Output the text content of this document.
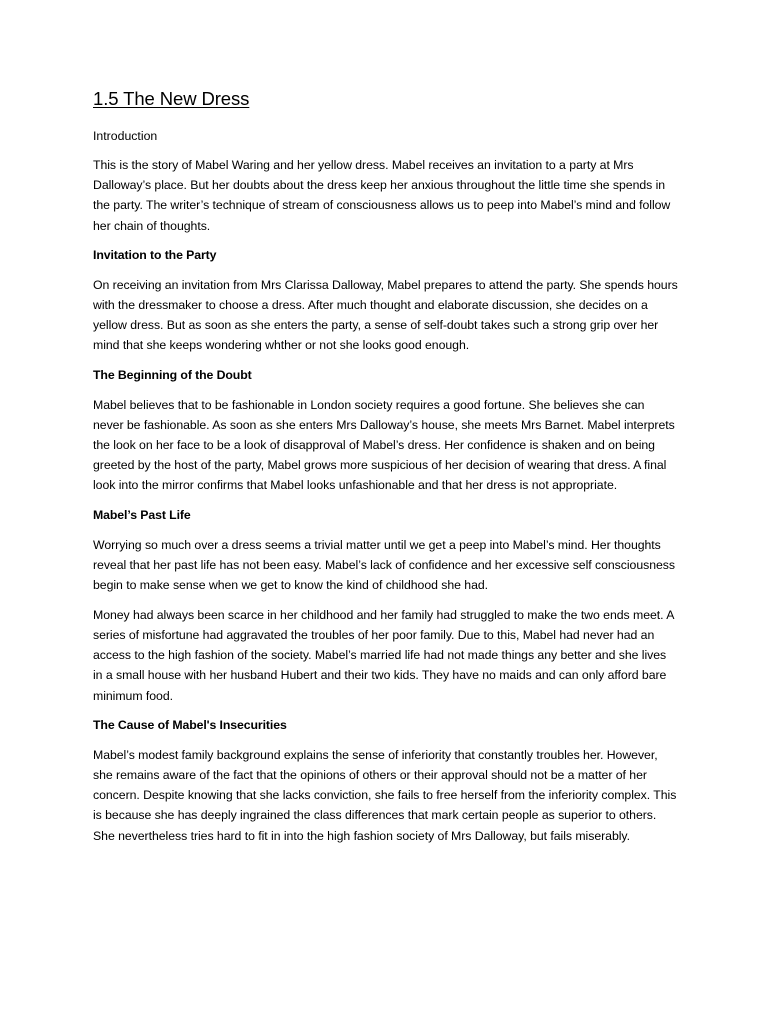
1.5 The New Dress

Introduction

This is the story of Mabel Waring and her yellow dress. Mabel receives an invitation to a party at Mrs Dalloway’s place. But her doubts about the dress keep her anxious throughout the little time she spends in the party. The writer’s technique of stream of consciousness allows us to peep into Mabel’s mind and follow her chain of thoughts.

Invitation to the Party

On receiving an invitation from Mrs Clarissa Dalloway, Mabel prepares to attend the party. She spends hours with the dressmaker to choose a dress. After much thought and elaborate discussion, she decides on a yellow dress. But as soon as she enters the party, a sense of self-doubt takes such a strong grip over her mind that she keeps wondering whther or not she looks good enough.

The Beginning of the Doubt

Mabel believes that to be fashionable in London society requires a good fortune. She believes she can never be fashionable. As soon as she enters Mrs Dalloway’s house, she meets Mrs Barnet. Mabel interprets the look on her face to be a look of disapproval of Mabel’s dress. Her confidence is shaken and on being greeted by the host of the party, Mabel grows more suspicious of her decision of wearing that dress. A final look into the mirror confirms that Mabel looks unfashionable and that her dress is not appropriate.

Mabel’s Past Life

Worrying so much over a dress seems a trivial matter until we get a peep into Mabel’s mind. Her thoughts reveal that her past life has not been easy. Mabel’s lack of confidence and her excessive self consciousness begin to make sense when we get to know the kind of childhood she had.

Money had always been scarce in her childhood and her family had struggled to make the two ends meet. A series of misfortune had aggravated the troubles of her poor family. Due to this, Mabel had never had an access to the high fashion of the society. Mabel’s married life had not made things any better and she lives in a small house with her husband Hubert and their two kids. They have no maids and can only afford bare minimum food.

The Cause of Mabel's Insecurities

Mabel’s modest family background explains the sense of inferiority that constantly troubles her. However, she remains aware of the fact that the opinions of others or their approval should not be a matter of her concern. Despite knowing that she lacks conviction, she fails to free herself from the inferiority complex. This is because she has deeply ingrained the class differences that mark certain people as superior to others. She nevertheless tries hard to fit in into the high fashion society of Mrs Dalloway, but fails miserably.
